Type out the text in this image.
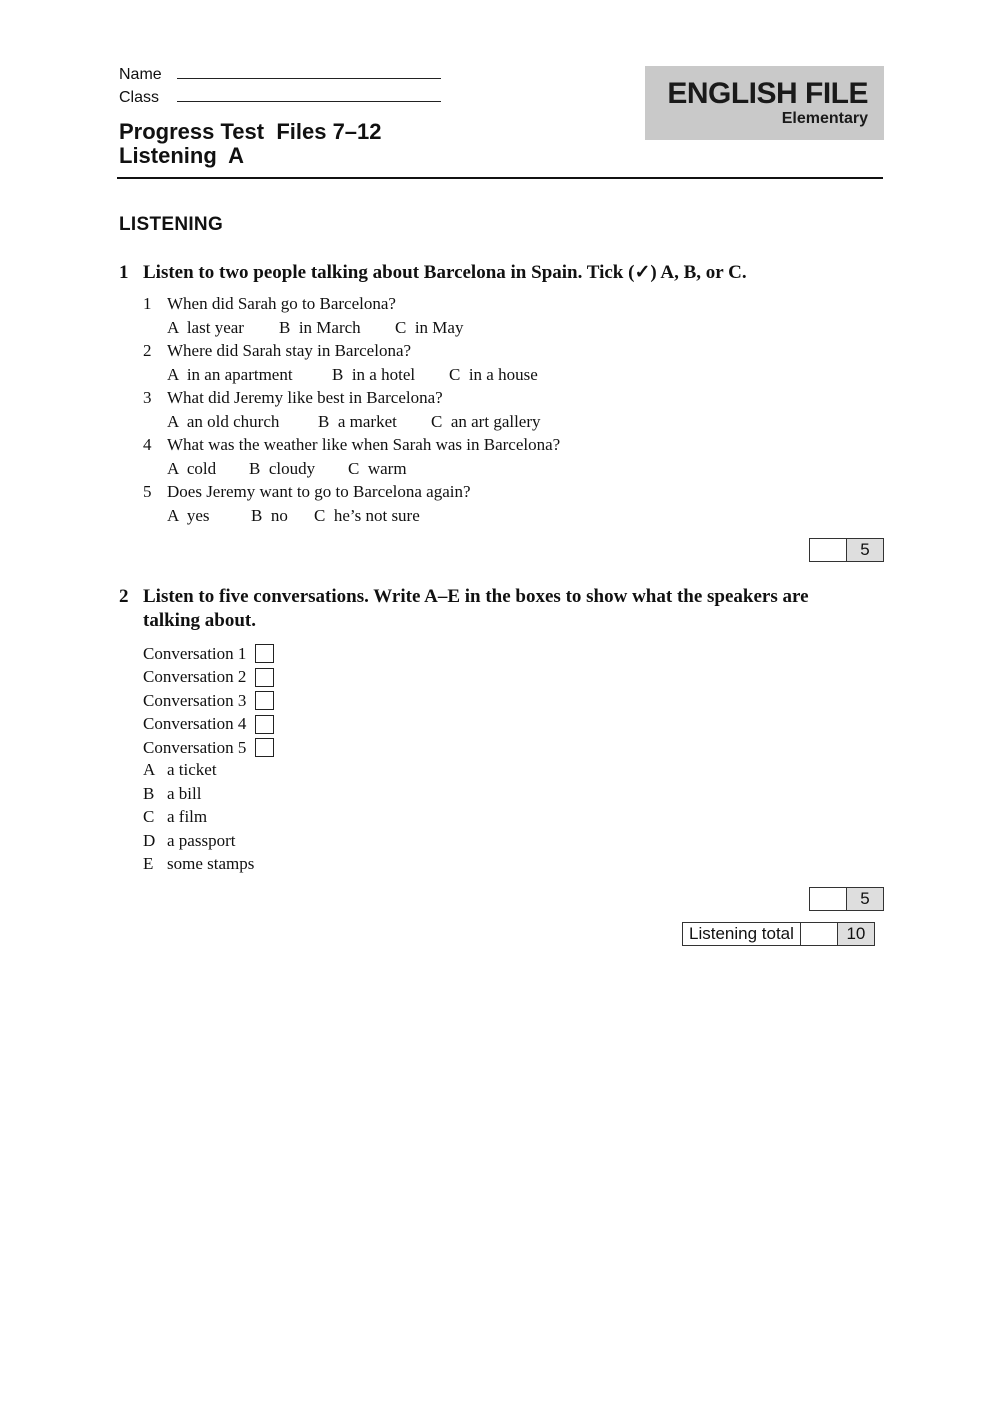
Name
Class
Progress Test  Files 7–12
Listening  A
ENGLISH FILE
Elementary
LISTENING
1 Listen to two people talking about Barcelona in Spain. Tick (✓) A, B, or C.
1 When did Sarah go to Barcelona?
A  last year B  in March C  in May
2 Where did Sarah stay in Barcelona?
A  in an apartment B  in a hotel C  in a house
3 What did Jeremy like best in Barcelona?
A  an old church B  a market C  an art gallery
4 What was the weather like when Sarah was in Barcelona?
A  cold B  cloudy C  warm
5 Does Jeremy want to go to Barcelona again?
A  yes B  no C  he’s not sure
5
2 Listen to five conversations. Write A–E in the boxes to show what the speakers are
talking about.
Conversation 1
Conversation 2
Conversation 3
Conversation 4
Conversation 5
A a ticket
B a bill
C a film
D a passport
E some stamps
5
Listening total	10
